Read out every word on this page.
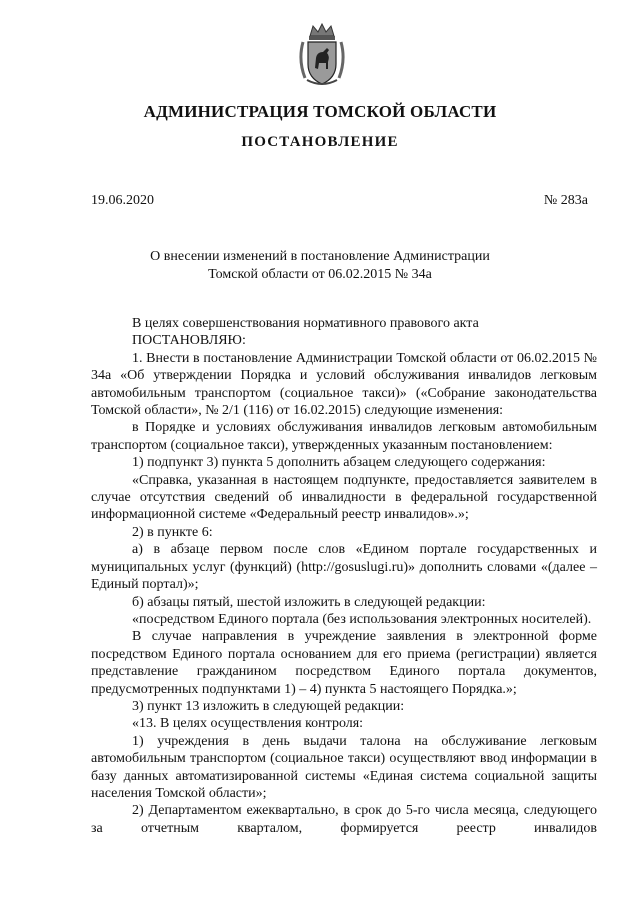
АДМИНИСТРАЦИЯ ТОМСКОЙ ОБЛАСТИ
ПОСТАНОВЛЕНИЕ
19.06.2020	№ 283а
О внесении изменений в постановление Администрации
Томской области от 06.02.2015 № 34а

В целях совершенствования нормативного правового акта

ПОСТАНОВЛЯЮ:

1. Внести в постановление Администрации Томской области от 06.02.2015 № 34а «Об утверждении Порядка и условий обслуживания инвалидов легковым автомобильным транспортом (социальное такси)» («Собрание законодательства Томской области», № 2/1 (116) от 16.02.2015) следующие изменения:

в Порядке и условиях обслуживания инвалидов легковым автомобильным транспортом (социальное такси), утвержденных указанным постановлением:

1) подпункт 3) пункта 5 дополнить абзацем следующего содержания:

«Справка, указанная в настоящем подпункте, предоставляется заявителем в случае отсутствия сведений об инвалидности в федеральной государственной информационной системе «Федеральный реестр инвалидов».»;

2) в пункте 6:

а) в абзаце первом после слов «Едином портале государственных и муниципальных услуг (функций) (http://gosuslugi.ru)» дополнить словами «(далее – Единый портал)»;

б) абзацы пятый, шестой изложить в следующей редакции:

«посредством Единого портала (без использования электронных носителей).

В случае направления в учреждение заявления в электронной форме посредством Единого портала основанием для его приема (регистрации) является представление гражданином посредством Единого портала документов, предусмотренных подпунктами 1) – 4) пункта 5 настоящего Порядка.»;

3) пункт 13 изложить в следующей редакции:

«13. В целях осуществления контроля:

1) учреждения в день выдачи талона на обслуживание легковым автомобильным транспортом (социальное такси) осуществляют ввод информации в базу данных автоматизированной системы «Единая система социальной защиты населения Томской области»;

2) Департаментом ежеквартально, в срок до 5-го числа месяца, следующего за отчетным кварталом, формируется реестр инвалидов
